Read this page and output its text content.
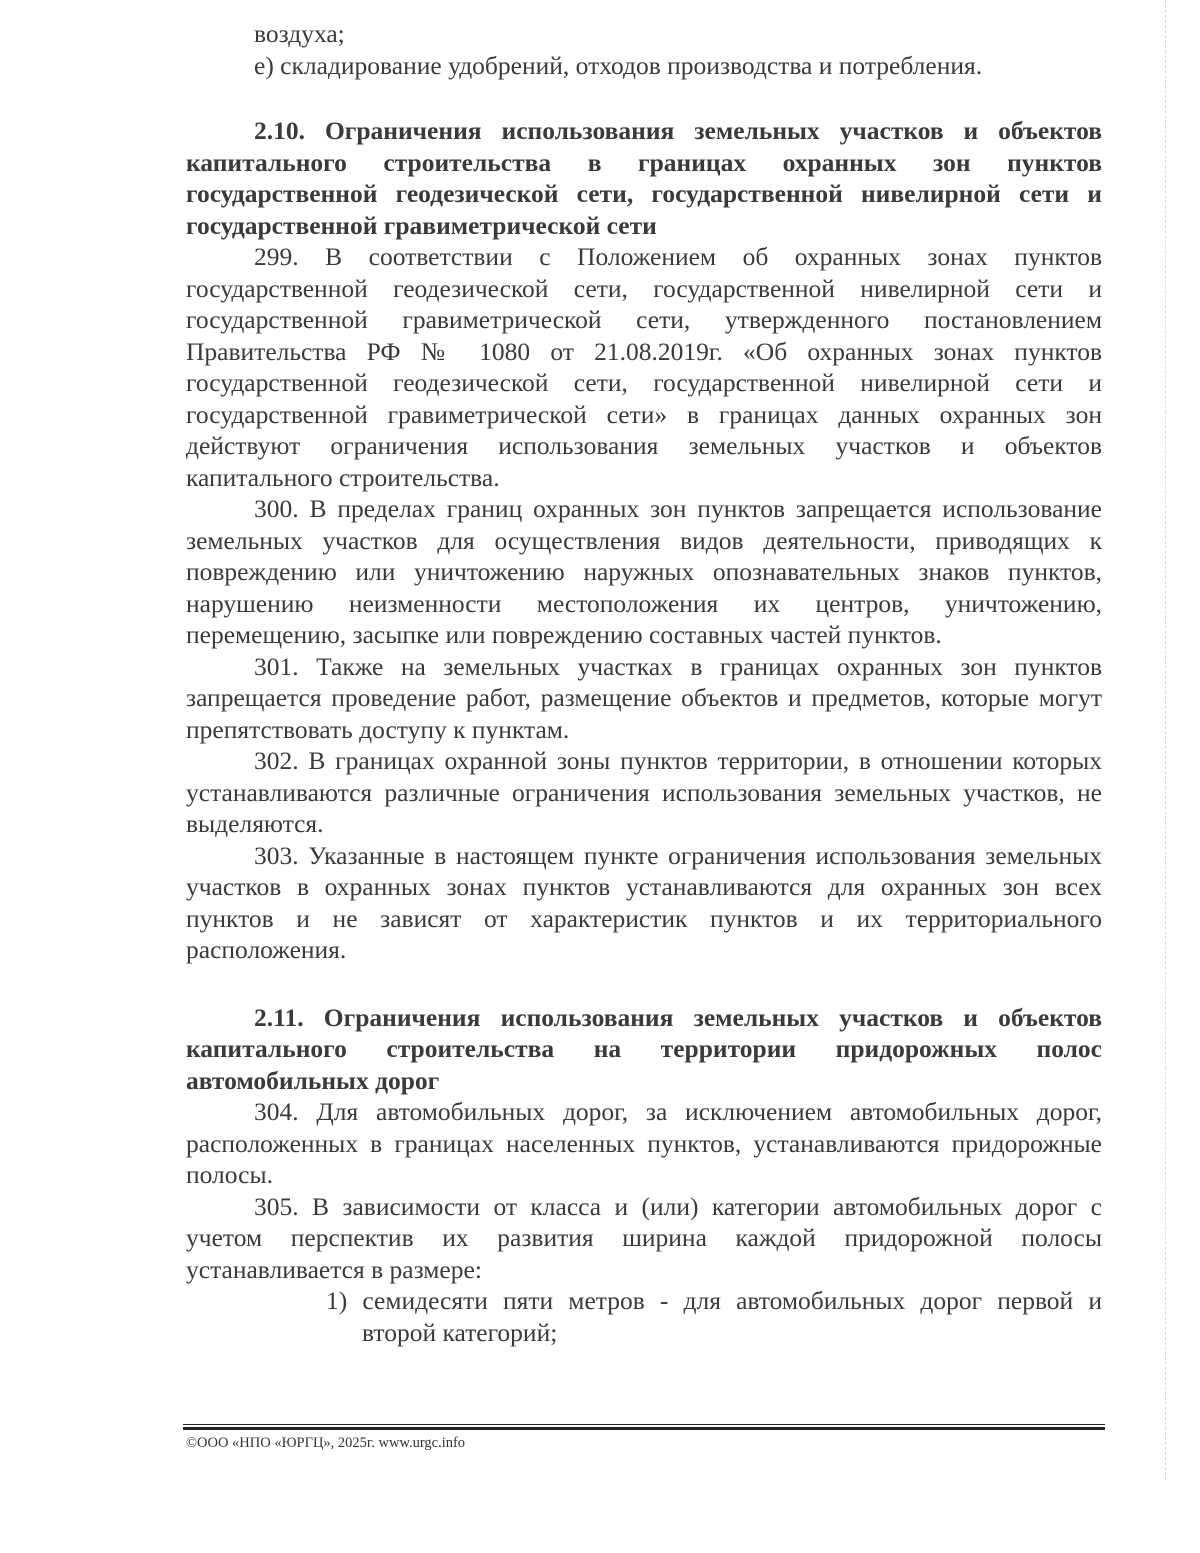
воздуха;

е) складирование удобрений, отходов производства и потребления.

2.10. Ограничения использования земельных участков и объектов капитального строительства в границах охранных зон пунктов государственной геодезической сети, государственной нивелирной сети и государственной гравиметрической сети

299. В соответствии с Положением об охранных зонах пунктов государственной геодезической сети, государственной нивелирной сети и государственной гравиметрической сети, утвержденного постановлением Правительства РФ № 1080 от 21.08.2019г. «Об охранных зонах пунктов государственной геодезической сети, государственной нивелирной сети и государственной гравиметрической сети» в границах данных охранных зон действуют ограничения использования земельных участков и объектов капитального строительства.

300. В пределах границ охранных зон пунктов запрещается использование земельных участков для осуществления видов деятельности, приводящих к повреждению или уничтожению наружных опознавательных знаков пунктов, нарушению неизменности местоположения их центров, уничтожению, перемещению, засыпке или повреждению составных частей пунктов.

301. Также на земельных участках в границах охранных зон пунктов запрещается проведение работ, размещение объектов и предметов, которые могут препятствовать доступу к пунктам.

302. В границах охранной зоны пунктов территории, в отношении которых устанавливаются различные ограничения использования земельных участков, не выделяются.

303. Указанные в настоящем пункте ограничения использования земельных участков в охранных зонах пунктов устанавливаются для охранных зон всех пунктов и не зависят от характеристик пунктов и их территориального расположения.

2.11. Ограничения использования земельных участков и объектов капитального строительства на территории придорожных полос автомобильных дорог

304. Для автомобильных дорог, за исключением автомобильных дорог, расположенных в границах населенных пунктов, устанавливаются придорожные полосы.

305. В зависимости от класса и (или) категории автомобильных дорог с учетом перспектив их развития ширина каждой придорожной полосы устанавливается в размере:

1) семидесяти пяти метров - для автомобильных дорог первой и второй категорий;

©ООО «НПО «ЮРГЦ», 2025г. www.urgc.info
